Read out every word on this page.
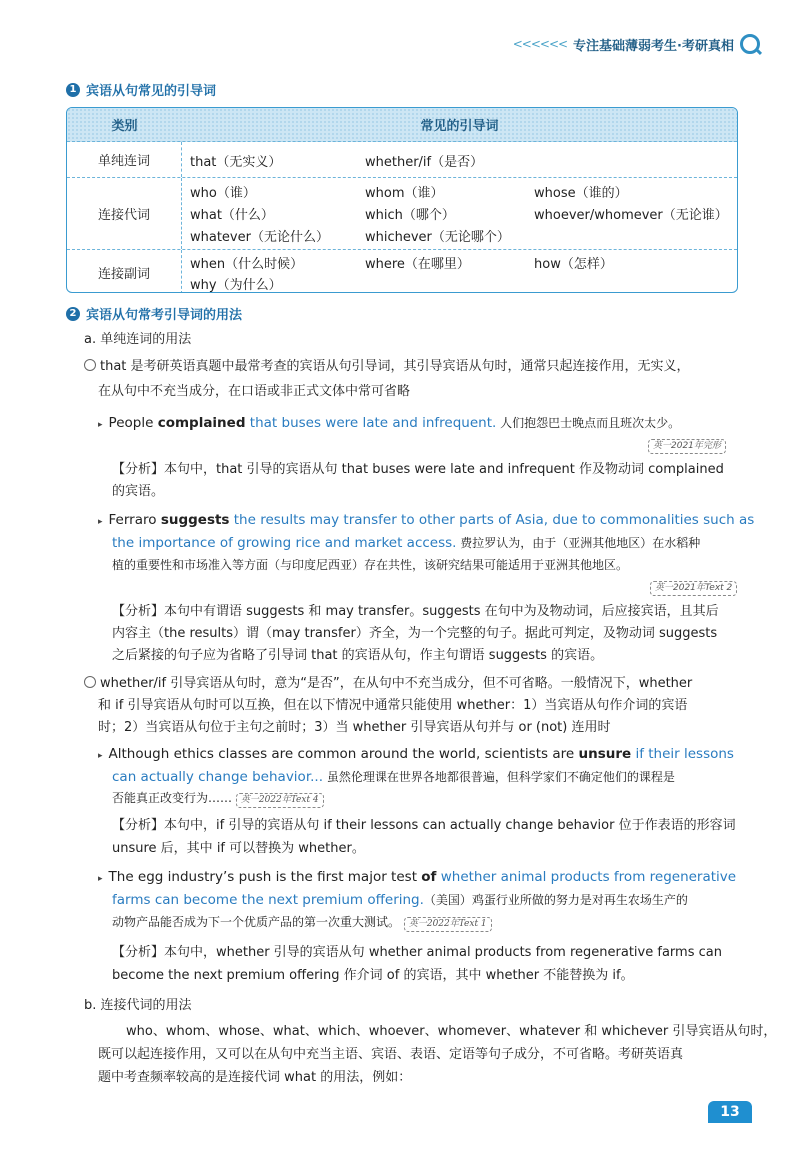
<<<<<< 专注基础薄弱考生·考研真相
1 宾语从句常见的引导词
类别	常见的引导词
单纯连词	that（无实义）	whether/if（是否）
连接代词
who（谁）	whom（谁）	whose（谁的）
what（什么）	which（哪个）	whoever/whomever（无论谁）
whatever（无论什么）	whichever（无论哪个）
连接副词
when（什么时候）	where（在哪里）	how（怎样）
why（为什么）
2 宾语从句常考引导词的用法
a. 单纯连词的用法
that 是考研英语真题中最常考查的宾语从句引导词，其引导宾语从句时，通常只起连接作用，无实义，
在从句中不充当成分，在口语或非正式文体中常可省略
▸ People complained that buses were late and infrequent. 人们抱怨巴士晚点而且班次太少。
英一2021年完形
【分析】本句中，that 引导的宾语从句 that buses were late and infrequent 作及物动词 complained
的宾语。
▸ Ferraro suggests the results may transfer to other parts of Asia, due to commonalities such as
the importance of growing rice and market access. 费拉罗认为，由于（亚洲其他地区）在水稻种
植的重要性和市场准入等方面（与印度尼西亚）存在共性，该研究结果可能适用于亚洲其他地区。
英一2021年Text 2
【分析】本句中有谓语 suggests 和 may transfer。suggests 在句中为及物动词，后应接宾语，且其后
内容主（the results）谓（may transfer）齐全，为一个完整的句子。据此可判定，及物动词 suggests
之后紧接的句子应为省略了引导词 that 的宾语从句，作主句谓语 suggests 的宾语。
whether/if 引导宾语从句时，意为“是否”，在从句中不充当成分，但不可省略。一般情况下，whether
和 if 引导宾语从句时可以互换，但在以下情况中通常只能使用 whether：1）当宾语从句作介词的宾语
时；2）当宾语从句位于主句之前时；3）当 whether 引导宾语从句并与 or (not) 连用时
▸ Although ethics classes are common around the world, scientists are unsure if their lessons
can actually change behavior... 虽然伦理课在世界各地都很普遍，但科学家们不确定他们的课程是
否能真正改变行为…… 英一2022年Text 4
【分析】本句中，if 引导的宾语从句 if their lessons can actually change behavior 位于作表语的形容词
unsure 后，其中 if 可以替换为 whether。
▸ The egg industry’s push is the first major test of whether animal products from regenerative
farms can become the next premium offering.（美国）鸡蛋行业所做的努力是对再生农场生产的
动物产品能否成为下一个优质产品的第一次重大测试。 英一2022年Text 1
【分析】本句中，whether 引导的宾语从句 whether animal products from regenerative farms can
become the next premium offering 作介词 of 的宾语，其中 whether 不能替换为 if。
b. 连接代词的用法
who、whom、whose、what、which、whoever、whomever、whatever 和 whichever 引导宾语从句时，
既可以起连接作用，又可以在从句中充当主语、宾语、表语、定语等句子成分，不可省略。考研英语真
题中考查频率较高的是连接代词 what 的用法，例如：
13
